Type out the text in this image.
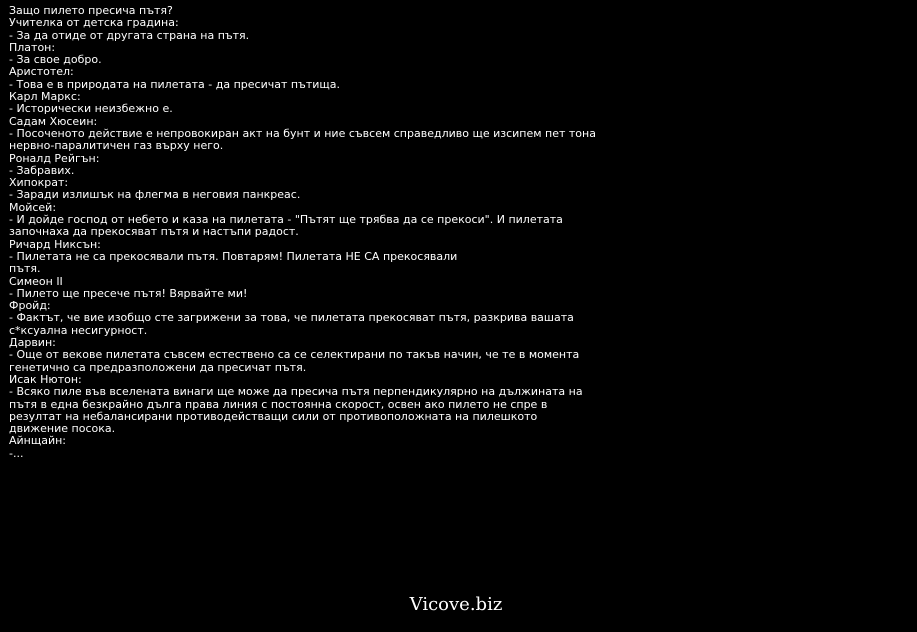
Защо пилето пресича пътя?
Учителка от детска градина:
- За да отиде от другата страна на пътя.
Платон:
- За свое добро.
Аристотел:
- Това е в природата на пилетата - да пресичат пътища.
Карл Маркс:
- Исторически неизбежно е.
Садам Хюсеин:
- Посоченото действие е непровокиран акт на бунт и ние съвсем справедливо ще изсипем пет тона нервно-паралитичен газ върху него.
Роналд Рейгън:
- Забравих.
Хипократ:
- Заради излишък на флегма в неговия панкреас.
Мойсей:
- И дойде господ от небето и каза на пилетата - "Пътят ще трябва да се прекоси". И пилетата започнаха да прекосяват пътя и настъпи радост.
Ричард Никсън:
- Пилетата не са прекосявали пътя. Повтарям! Пилетата НЕ СА прекосявали пътя.
Симеон II
- Пилето ще пресече пътя! Вярвайте ми!
Фройд:
- Фактът, че вие изобщо сте загрижени за това, че пилетата прекосяват пътя, разкрива вашата с*ксуална несигурност.
Дарвин:
- Още от векове пилетата съвсем естествено са се селектирани по такъв начин, че те в момента генетично са предразположени да пресичат пътя.
Исак Нютон:
- Всяко пиле във вселената винаги ще може да пресича пътя перпендикулярно на дължината на пътя в една безкрайно дълга права линия с постоянна скорост, освен ако пилето не спре в резултат на небалансирани противодействащи сили от противоположната на пилешкото движение посока.
Айнщайн:
-...
Vicove.biz
